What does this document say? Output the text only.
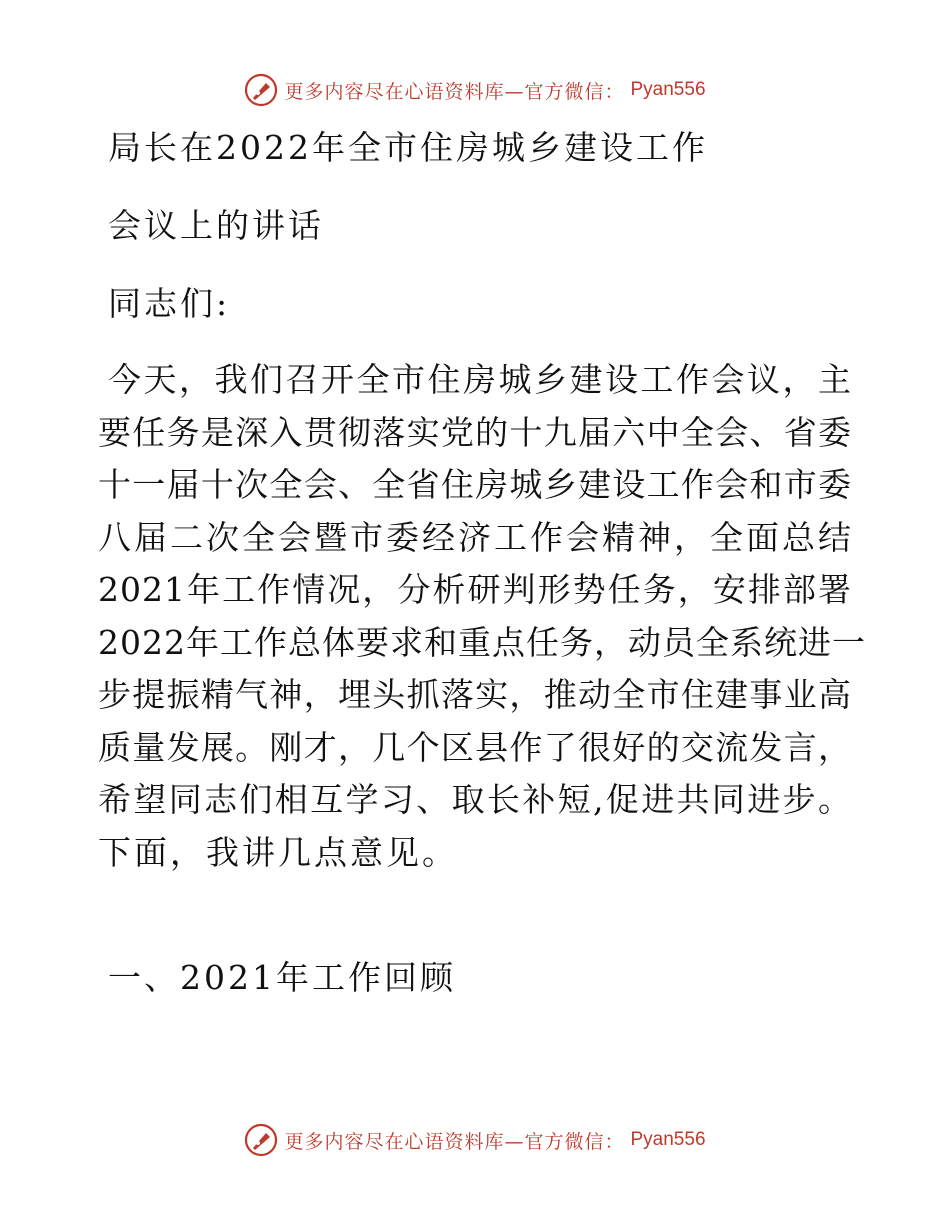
更多内容尽在心语资料库—官方微信： Pyan556

局长在2022年全市住房城乡建设工作

会议上的讲话

同志们:

今天，我们召开全市住房城乡建设工作会议，主

要任务是深入贯彻落实党的十九届六中全会、省委

十一届十次全会、全省住房城乡建设工作会和市委

八届二次全会暨市委经济工作会精神，全面总结

2021年工作情况，分析研判形势任务，安排部署

2022年工作总体要求和重点任务，动员全系统进一

步提振精气神，埋头抓落实，推动全市住建事业高

质量发展。刚才，几个区县作了很好的交流发言，

希望同志们相互学习、取长补短,促进共同进步。

下面，我讲几点意见。

一、2021年工作回顾

更多内容尽在心语资料库—官方微信： Pyan556
